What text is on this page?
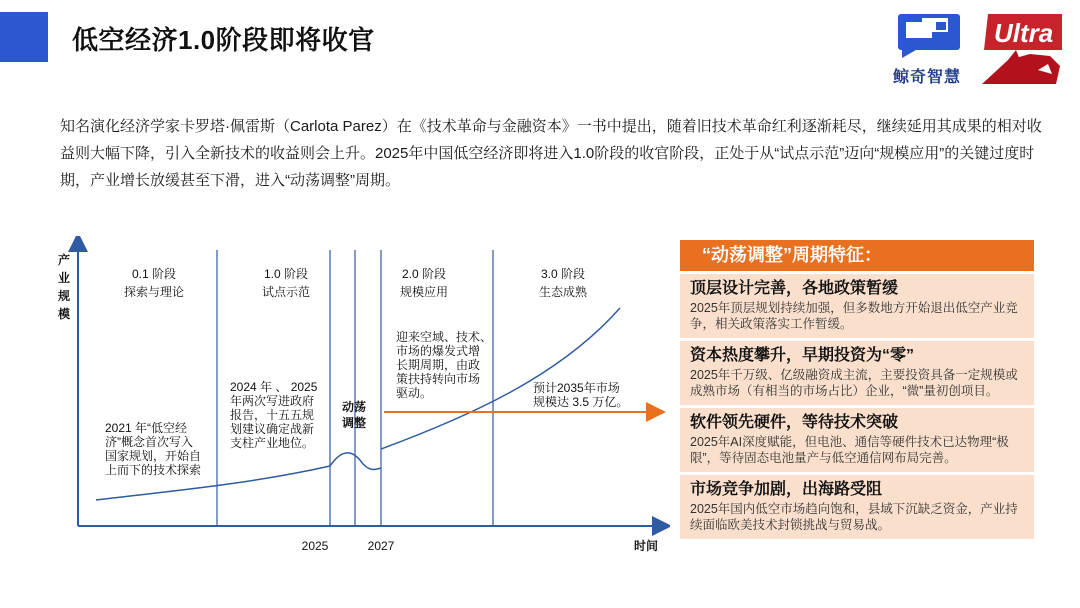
低空经济1.0阶段即将收官
鲸奇智慧
Ultra
知名演化经济学家卡罗塔·佩雷斯（Carlota Parez）在《技术革命与金融资本》一书中提出，随着旧技术革命红利逐渐耗尽，继续延用其成果的相对收益则大幅下降，引入全新技术的收益则会上升。2025年中国低空经济即将进入1.0阶段的收官阶段，正处于从“试点示范”迈向“规模应用”的关键过度时期，产业增长放缓甚至下滑，进入“动荡调整”周期。
产
业
规
模
时间
0.1 阶段
探索与理论
1.0 阶段
试点示范
2.0 阶段
规模应用
3.0 阶段
生态成熟
动荡
调整
2025	2027
2021 年“低空经
济”概念首次写入
国家规划，开始自
上而下的技术探索
2024 年 、 2025
年两次写进政府
报告，十五五规
划建议确定战新
支柱产业地位。
迎来空域、技术、
市场的爆发式增
长期周期，由政
策扶持转向市场
驱动。	预计2035年市场
规模达 3.5 万亿。
“动荡调整”周期特征：
顶层设计完善，各地政策暂缓
2025年顶层规划持续加强，但多数地方开始退出低空产业竞争，相关政策落实工作暂缓。
资本热度攀升，早期投资为“零”
2025年千万级、亿级融资成主流，主要投资具备一定规模或成熟市场（有相当的市场占比）企业，“微”量初创项目。
软件领先硬件，等待技术突破
2025年AI深度赋能，但电池、通信等硬件技术已达物理“极限”，等待固态电池量产与低空通信网布局完善。
市场竞争加剧，出海路受阻
2025年国内低空市场趋向饱和，县域下沉缺乏资金，产业持续面临欧美技术封锁挑战与贸易战。
